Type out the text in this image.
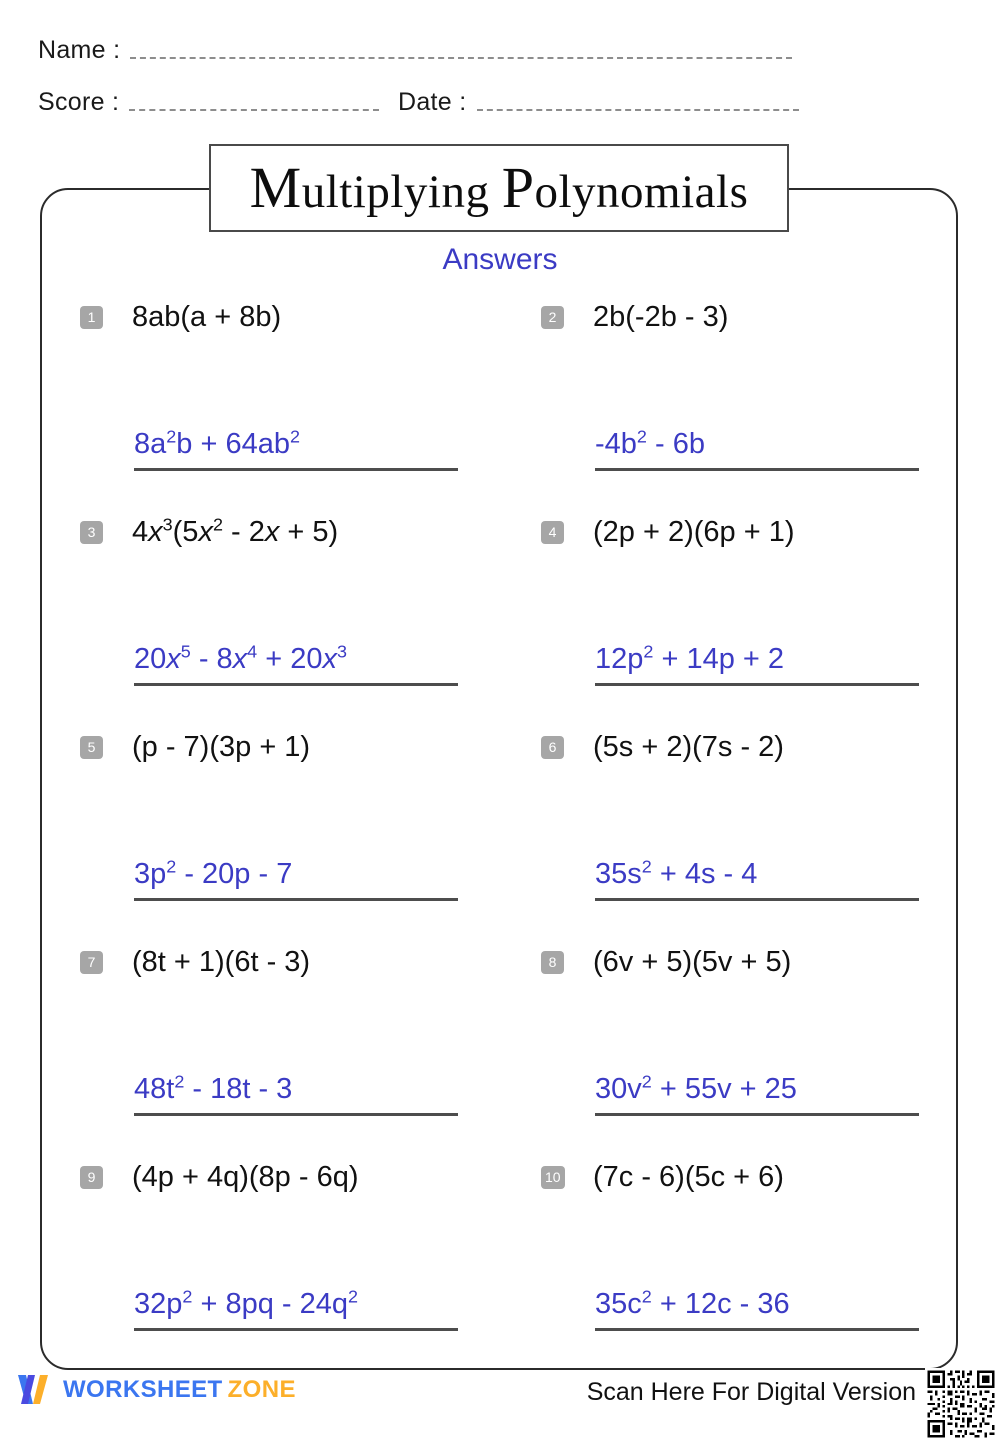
Name :
Score :	Date :
Multiplying Polynomials
Answers
1 8ab(a + 8b)
$8a^2b + 64ab^2$
2 2b(-2b - 3)
$-4b^2 - 6b$
3 $4x^3(5x^2 - 2x + 5)$
$20x^5 - 8x^4 + 20x^3$
4 (2p + 2)(6p + 1)
$12p^2 + 14p + 2$
5 (p - 7)(3p + 1)
$3p^2 - 20p - 7$
6 (5s + 2)(7s - 2)
$35s^2 + 4s - 4$
7 (8t + 1)(6t - 3)
$48t^2 - 18t - 3$
8 (6v + 5)(5v + 5)
$30v^2 + 55v + 25$
9 (4p + 4q)(8p - 6q)
$32p^2 + 8pq - 24q^2$
10 (7c - 6)(5c + 6)
$35c^2 + 12c - 36$
WORKSHEET ZONE	Scan Here For Digital Version
